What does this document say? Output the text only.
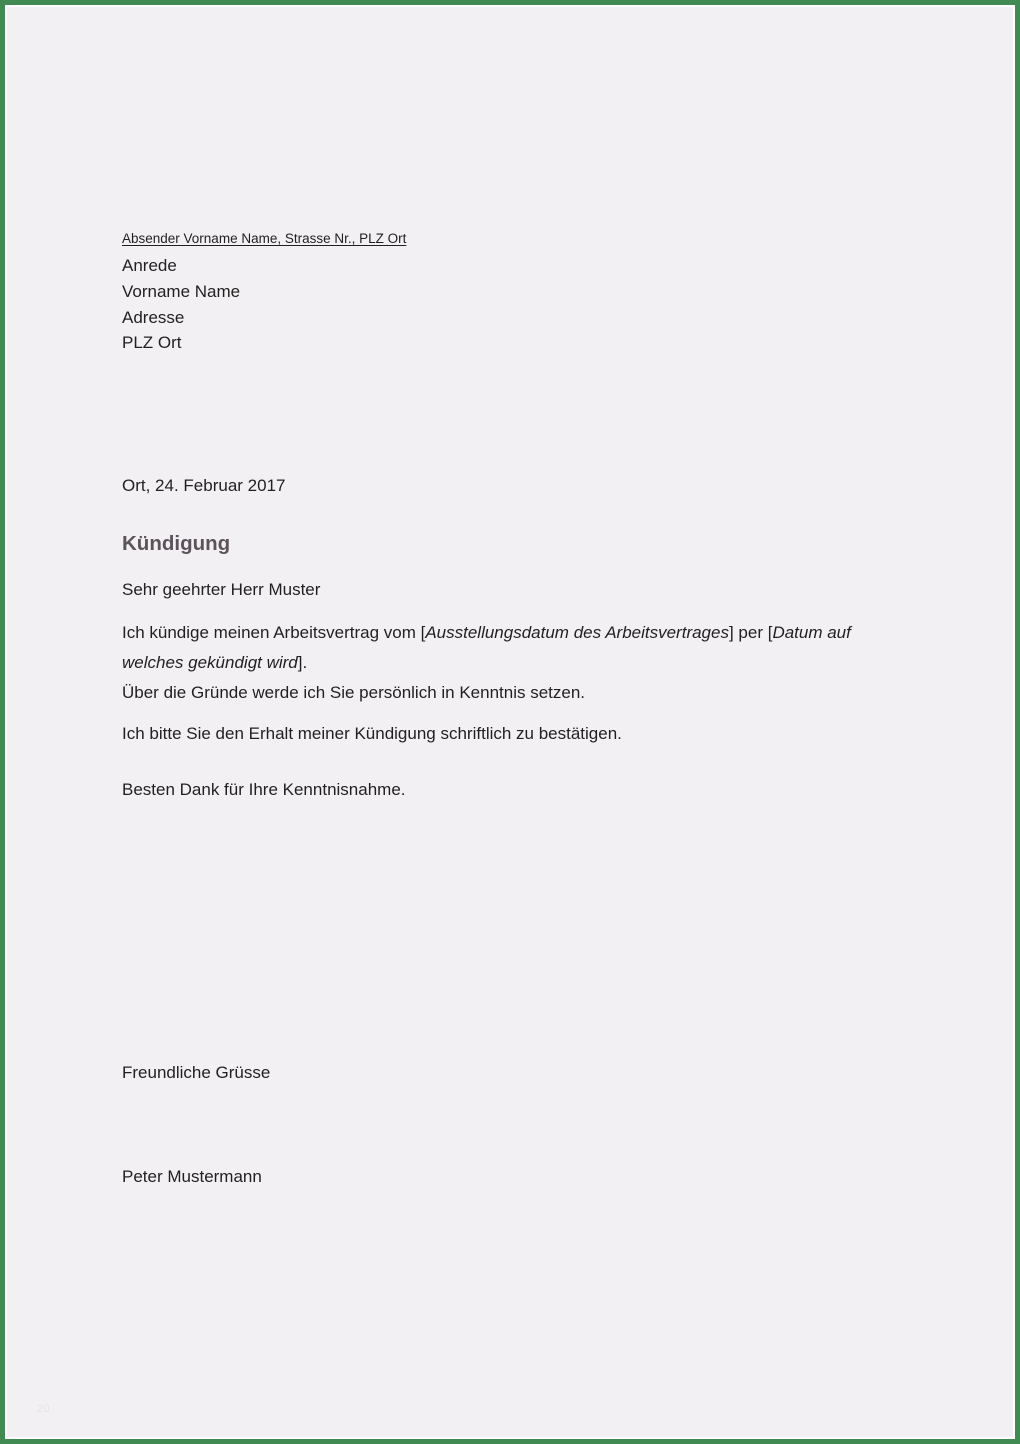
Absender Vorname Name, Strasse Nr., PLZ Ort
Anrede
Vorname Name
Adresse
PLZ Ort
Ort, 24. Februar 2017
Kündigung
Sehr geehrter Herr Muster
Ich kündige meinen Arbeitsvertrag vom [Ausstellungsdatum des Arbeitsvertrages] per [Datum auf welches gekündigt wird].
Über die Gründe werde ich Sie persönlich in Kenntnis setzen.
Ich bitte Sie den Erhalt meiner Kündigung schriftlich zu bestätigen.
Besten Dank für Ihre Kenntnisnahme.
Freundliche Grüsse
Peter Mustermann
20
